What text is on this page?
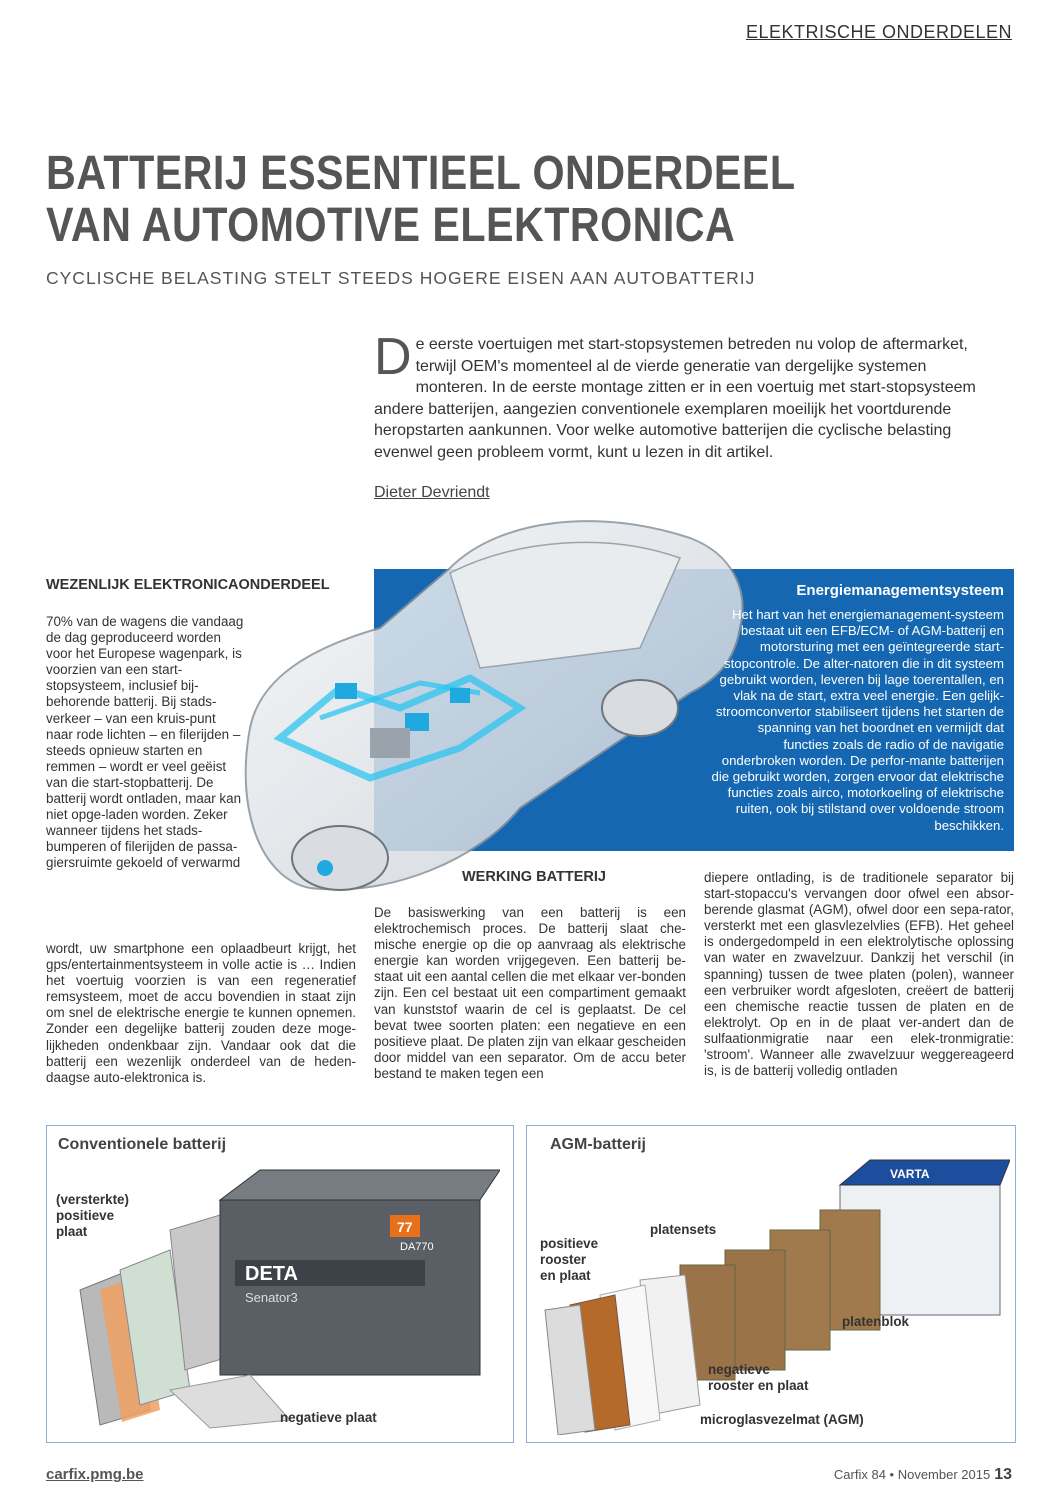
ELEKTRISCHE ONDERDELEN
BATTERIJ ESSENTIEEL ONDERDEEL
VAN AUTOMOTIVE ELEKTRONICA
CYCLISCHE BELASTING STELT STEEDS HOGERE EISEN AAN AUTOBATTERIJ
De eerste voertuigen met start-stopsystemen betreden nu volop de aftermarket, terwijl OEM's momenteel al de vierde generatie van dergelijke systemen monteren. In de eerste montage zitten er in een voertuig met start-stopsysteem andere batterijen, aangezien conventionele exemplaren moeilijk het voortdurende heropstarten aankunnen. Voor welke automotive batterijen die cyclische belasting evenwel geen probleem vormt, kunt u lezen in dit artikel.
Dieter Devriendt
Energiemanagementsysteem
Het hart van het energiemanagement-systeem bestaat uit een EFB/ECM- of AGM-batterij en motorsturing met een geïntegreerde start-stopcontrole. De alter-natoren die in dit systeem gebruikt worden, leveren bij lage toerentallen, en vlak na de start, extra veel energie. Een gelijk-stroomconvertor stabiliseert tijdens het starten de spanning van het boordnet en vermijdt dat functies zoals de radio of de navigatie onderbroken worden. De perfor-mante batterijen die gebruikt worden, zorgen ervoor dat elektrische functies zoals airco, motorkoeling of elektrische ruiten, ook bij stilstand over voldoende stroom beschikken.
WEZENLIJK ELEKTRONICAONDERDEEL
70% van de wagens die vandaag de dag geproduceerd worden voor het Europese wagenpark, is voorzien van een start-stopsysteem, inclusief bij-behorende batterij. Bij stads-verkeer – van een kruis-punt naar rode lichten – en filerijden – steeds opnieuw starten en remmen – wordt er veel geëist van die start-stopbatterij. De batterij wordt ontladen, maar kan niet opge-laden worden. Zeker wanneer tijdens het stads-bumperen of filerijden de passa-giersruimte gekoeld of verwarmd
wordt, uw smartphone een oplaadbeurt krijgt, het gps/entertainmentsysteem in volle actie is … Indien het voertuig voorzien is van een regeneratief remsysteem, moet de accu bovendien in staat zijn om snel de elektrische energie te kunnen opnemen. Zonder een degelijke batterij zouden deze moge-lijkheden ondenkbaar zijn. Vandaar ook dat die batterij een wezenlijk onderdeel van de heden-daagse auto-elektronica is.
WERKING BATTERIJ
De basiswerking van een batterij is een elektrochemisch proces. De batterij slaat che-mische energie op die op aanvraag als elektrische energie kan worden vrijgegeven. Een batterij be-staat uit een aantal cellen die met elkaar ver-bonden zijn. Een cel bestaat uit een compartiment gemaakt van kunststof waarin de cel is geplaatst. De cel bevat twee soorten platen: een negatieve en een positieve plaat. De platen zijn van elkaar gescheiden door middel van een separator. Om de accu beter bestand te maken tegen een
diepere ontlading, is de traditionele separator bij start-stopaccu's vervangen door ofwel een absor-berende glasmat (AGM), ofwel door een sepa-rator, versterkt met een glasvlezelvlies (EFB). Het geheel is ondergedompeld in een elektrolytische oplossing van water en zwavelzuur. Dankzij het verschil (in spanning) tussen de twee platen (polen), wanneer een verbruiker wordt afgesloten, creëert de batterij een chemische reactie tussen de platen en de elektrolyt. Op en in de plaat ver-andert dan de sulfaationmigratie naar een elek-tronmigratie: 'stroom'. Wanneer alle zwavelzuur weggereageerd is, is de batterij volledig ontladen
Conventionele batterij
DETA
Senator3
DA770
77
(versterkte)
positieve
plaat
negatieve plaat
AGM-batterij
VARTA
positieve
rooster
en plaat
platensets
platenblok
negatieve
rooster en plaat
microglasvezelmat (AGM)
carfix.pmg.be	Carfix 84 • November 2015 13
